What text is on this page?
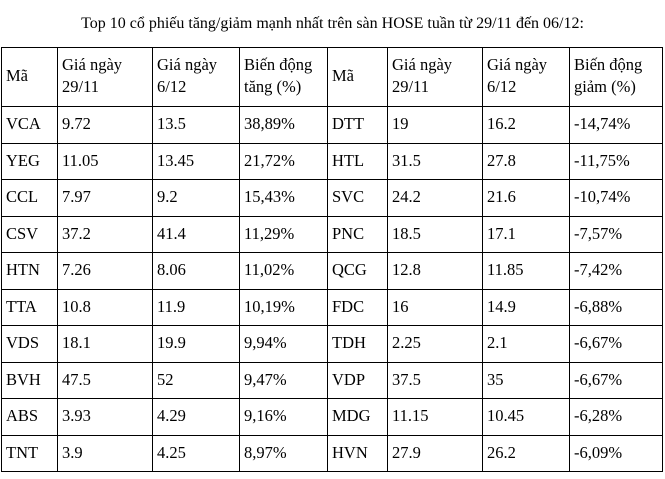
Top 10 cổ phiếu tăng/giảm mạnh nhất trên sàn HOSE tuần từ 29/11 đến 06/12:
Mã	Giá ngày 29/11	Giá ngày 6/12	Biến động tăng (%)	Mã	Giá ngày 29/11	Giá ngày 6/12	Biến động giảm (%)
VCA	9.72	13.5	38,89%	DTT	19	16.2	-14,74%
YEG	11.05	13.45	21,72%	HTL	31.5	27.8	-11,75%
CCL	7.97	9.2	15,43%	SVC	24.2	21.6	-10,74%
CSV	37.2	41.4	11,29%	PNC	18.5	17.1	-7,57%
HTN	7.26	8.06	11,02%	QCG	12.8	11.85	-7,42%
TTA	10.8	11.9	10,19%	FDC	16	14.9	-6,88%
VDS	18.1	19.9	9,94%	TDH	2.25	2.1	-6,67%
BVH	47.5	52	9,47%	VDP	37.5	35	-6,67%
ABS	3.93	4.29	9,16%	MDG	11.15	10.45	-6,28%
TNT	3.9	4.25	8,97%	HVN	27.9	26.2	-6,09%
